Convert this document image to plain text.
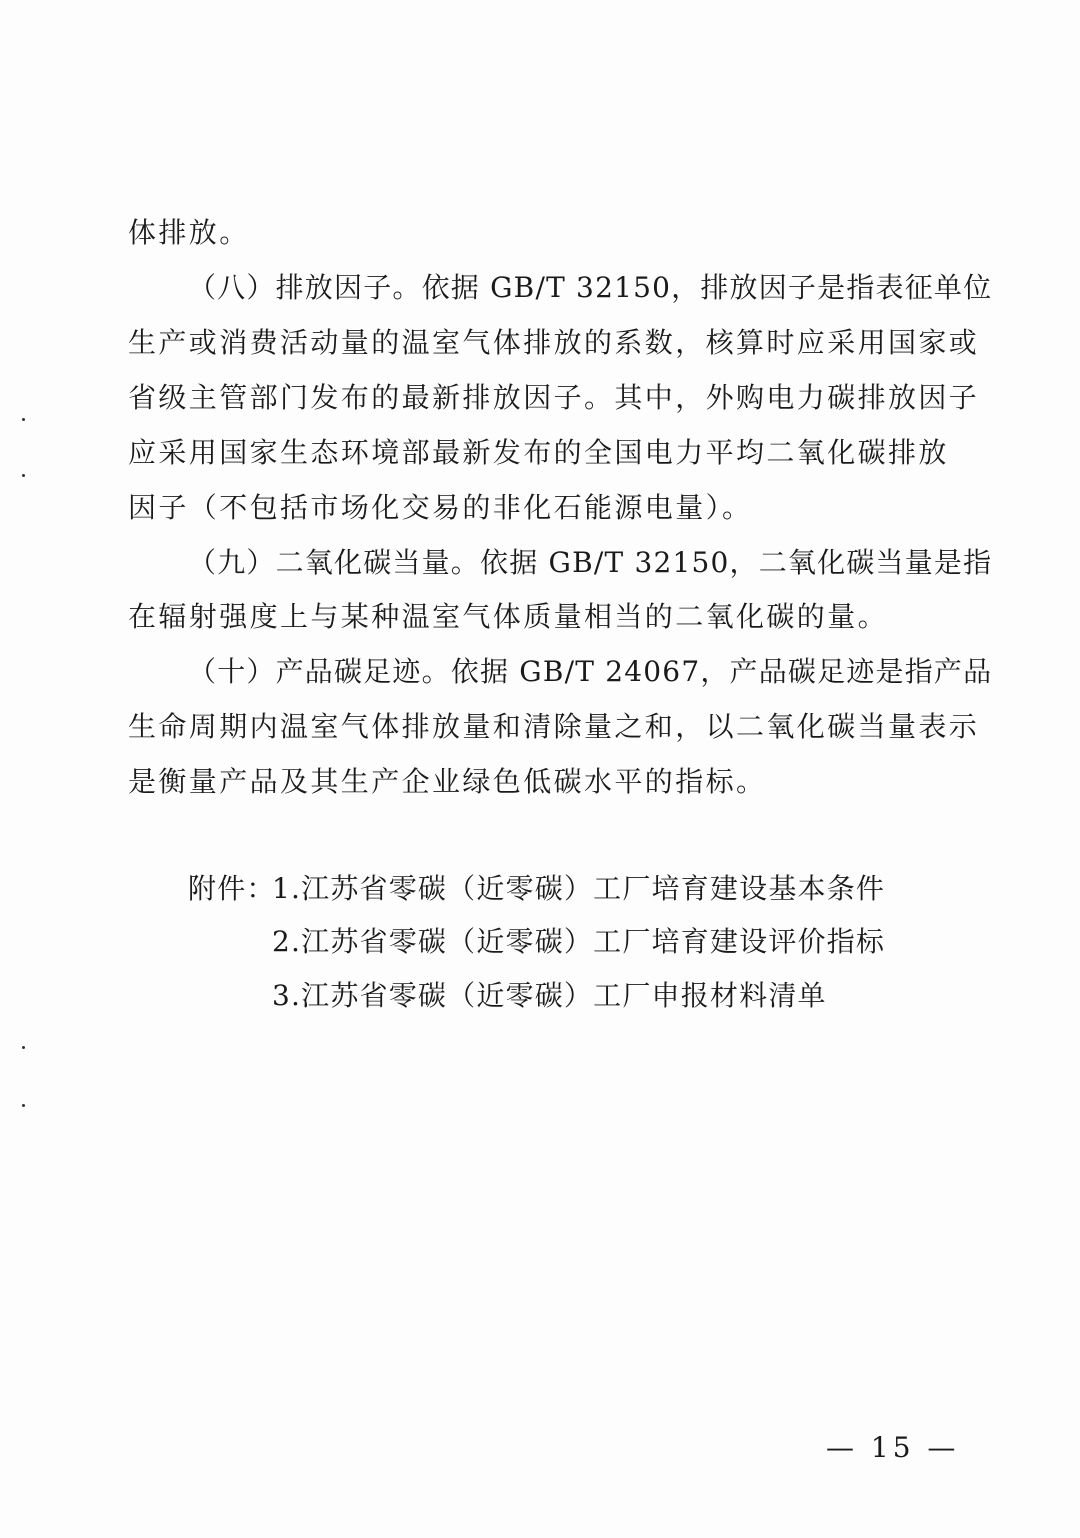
体排放。
（八）排放因子。依据 GB/T 32150，排放因子是指表征单位
生产或消费活动量的温室气体排放的系数，核算时应采用国家或
省级主管部门发布的最新排放因子。其中，外购电力碳排放因子
应采用国家生态环境部最新发布的全国电力平均二氧化碳排放
因子（不包括市场化交易的非化石能源电量）。
（九）二氧化碳当量。依据 GB/T 32150，二氧化碳当量是指
在辐射强度上与某种温室气体质量相当的二氧化碳的量。
（十）产品碳足迹。依据 GB/T 24067，产品碳足迹是指产品
生命周期内温室气体排放量和清除量之和，以二氧化碳当量表示
是衡量产品及其生产企业绿色低碳水平的指标。
附件：
1.江苏省零碳（近零碳）工厂培育建设基本条件
2.江苏省零碳（近零碳）工厂培育建设评价指标
3.江苏省零碳（近零碳）工厂申报材料清单
— 15 —
